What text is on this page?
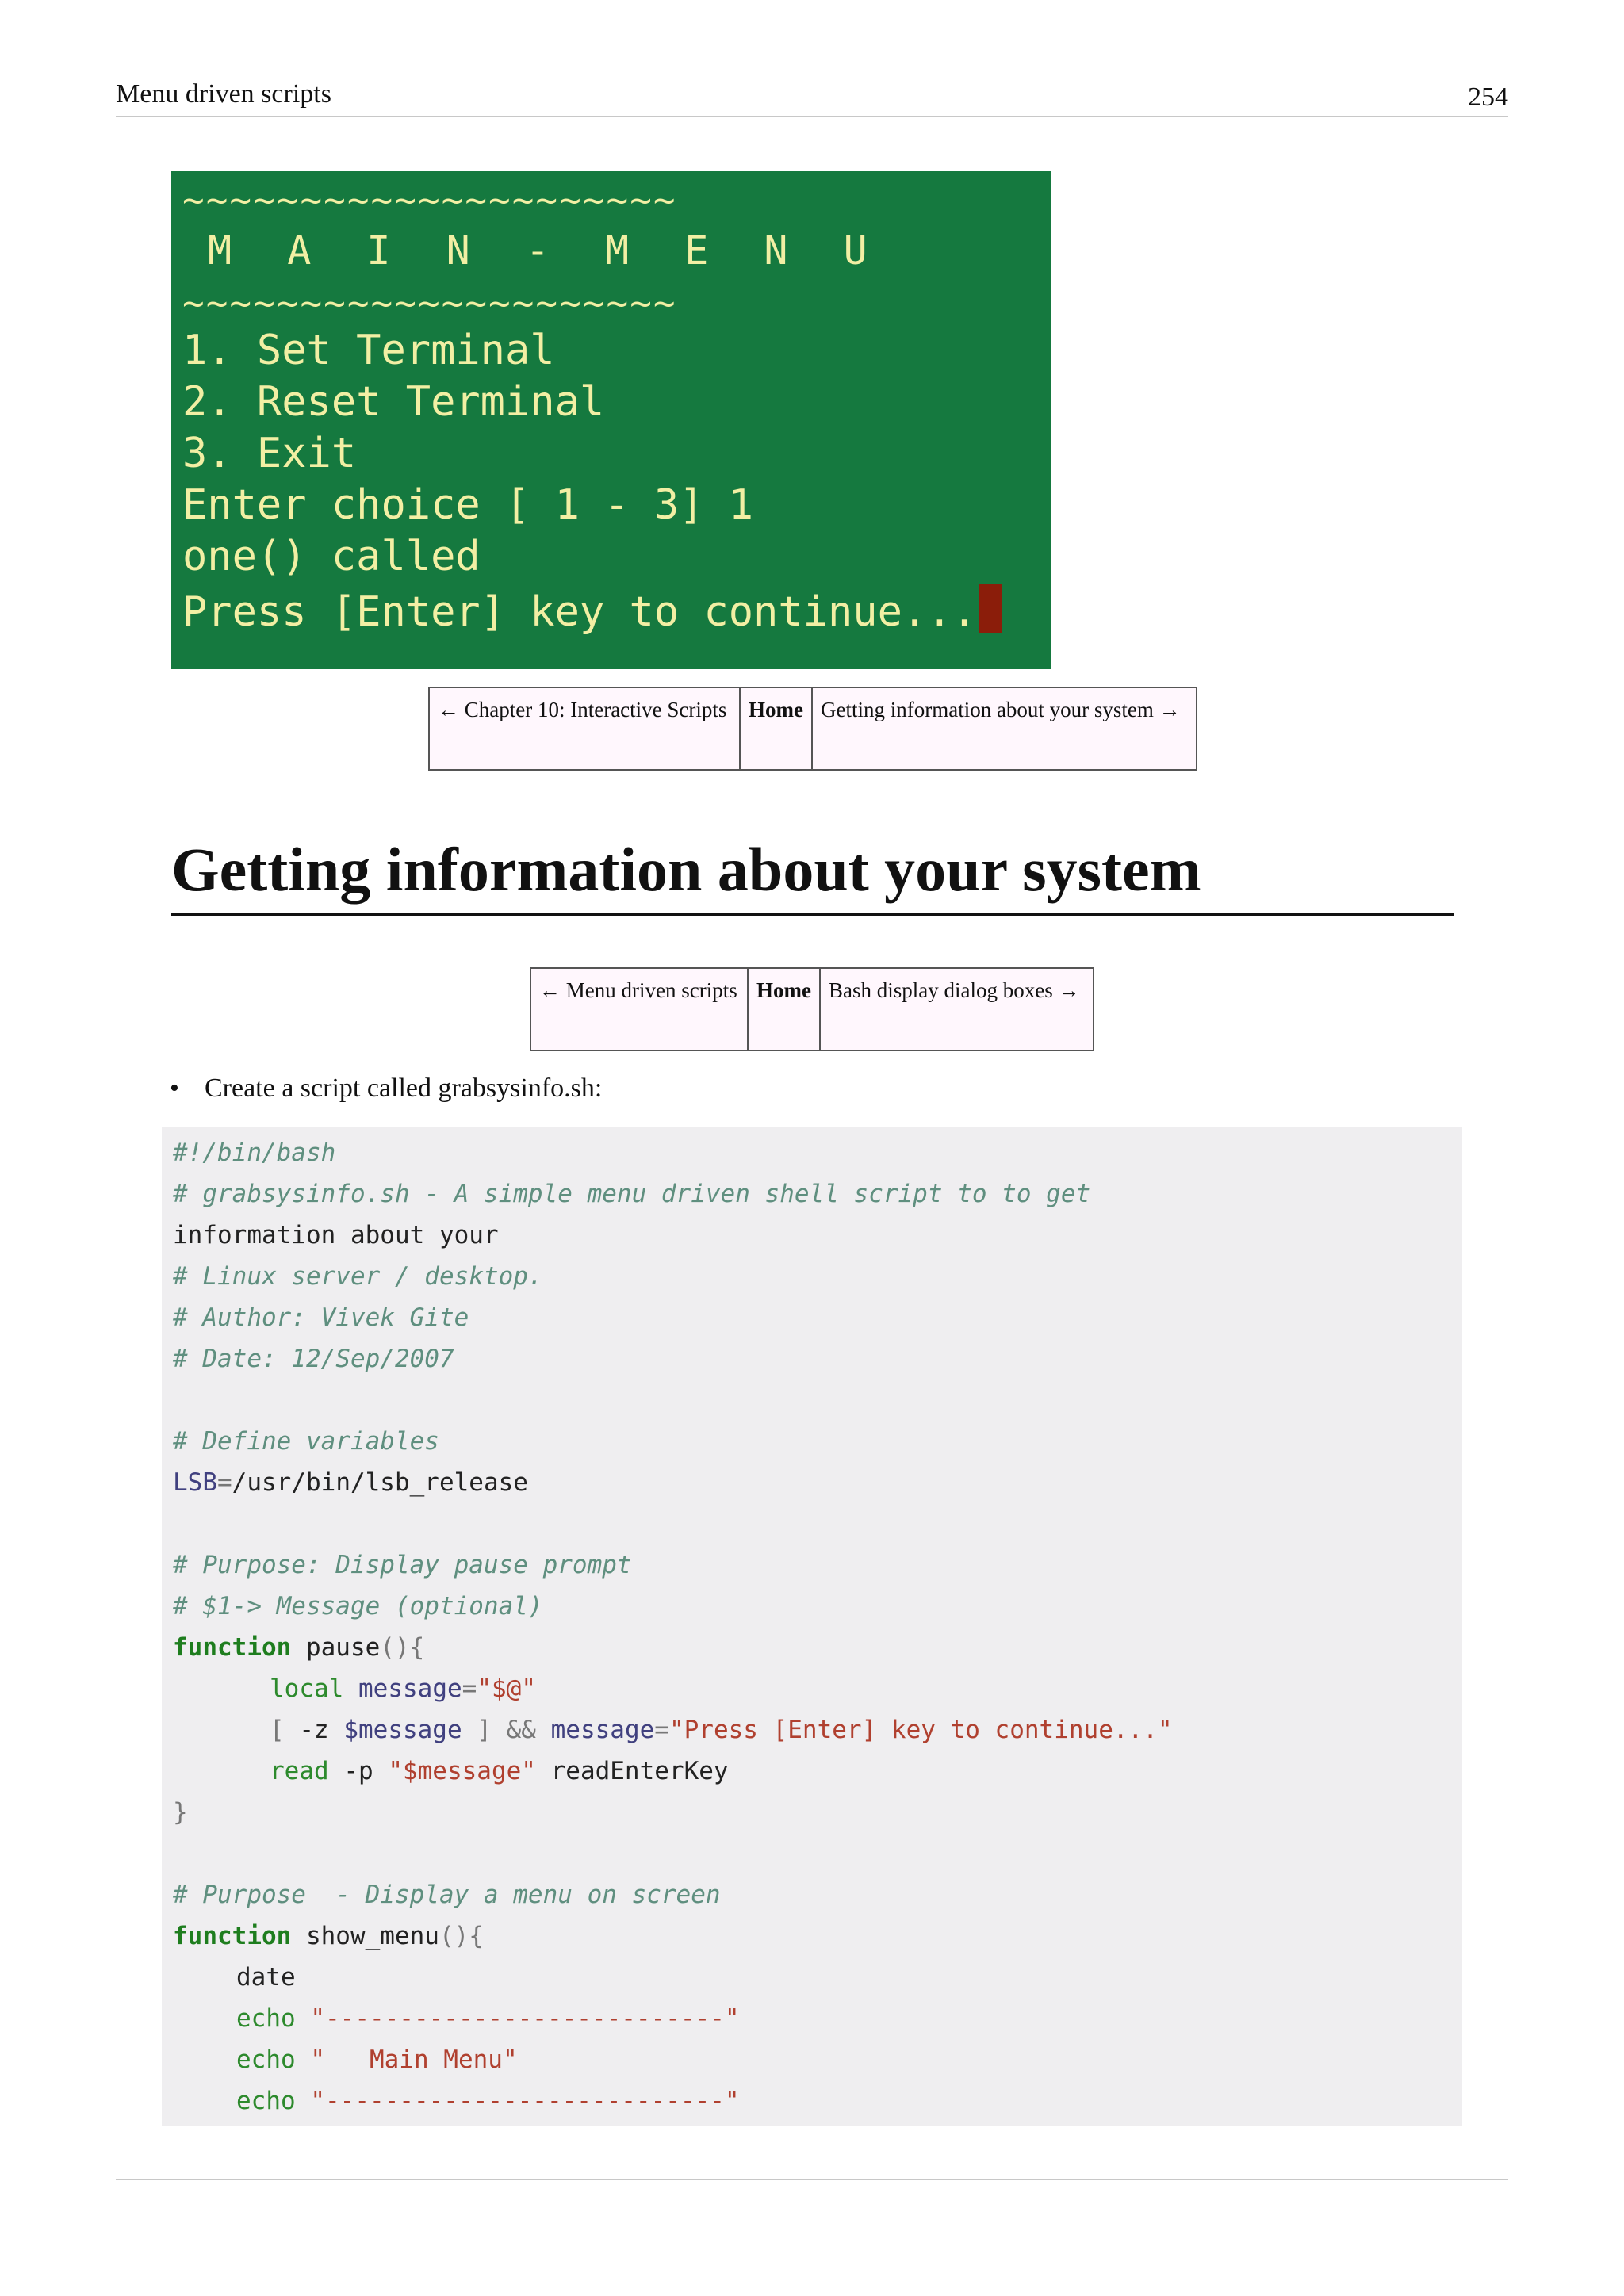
Menu driven scripts	254
~~~~~~~~~~~~~~~~~~~~~
M A I N - M E N U
~~~~~~~~~~~~~~~~~~~~~
1. Set Terminal
2. Reset Terminal
3. Exit
Enter choice [ 1 - 3] 1
one() called
Press [Enter] key to continue...
← Chapter 10: Interactive Scripts	Home	Getting information about your system →
Getting information about your system
← Menu driven scripts	Home	Bash display dialog boxes →
• Create a script called grabsysinfo.sh:
#!/bin/bash
# grabsysinfo.sh - A simple menu driven shell script to to get
information about your
# Linux server / desktop.
# Author: Vivek Gite
# Date: 12/Sep/2007
# Define variables
LSB=/usr/bin/lsb_release
# Purpose: Display pause prompt
# $1-> Message (optional)
function pause(){
local message="$@"
[ -z $message ] && message="Press [Enter] key to continue..."
read -p "$message" readEnterKey
}
# Purpose  - Display a menu on screen
function show_menu(){
date
echo "---------------------------"
echo "   Main Menu"
echo "---------------------------"
